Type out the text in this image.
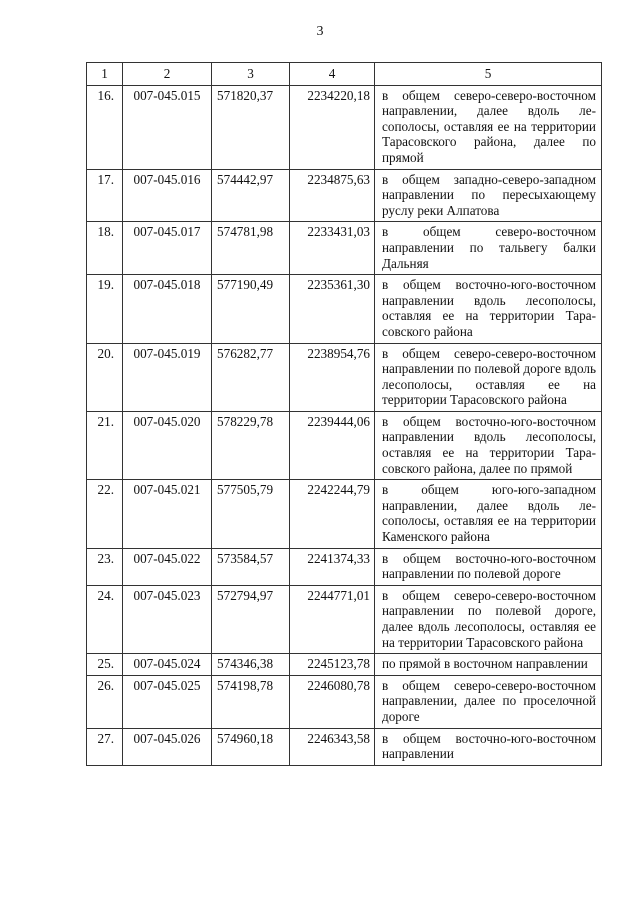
3
1	2	3	4	5
16.	007-045.015	571820,37	2234220,18	в общем северо-северо-восточном направлении, далее вдоль лесополосы, оставляя ее на территории Тарасовского района, далее по прямой
17.	007-045.016	574442,97	2234875,63	в общем западно-северо-западном направлении по пересыхающему руслу реки Алпатова
18.	007-045.017	574781,98	2233431,03	в общем северо-восточном направлении по тальвегу балки Дальняя
19.	007-045.018	577190,49	2235361,30	в общем восточно-юго-восточном направлении вдоль лесополосы, оставляя ее на территории Тарасовского района
20.	007-045.019	576282,77	2238954,76	в общем северо-северо-восточном направлении по полевой дороге вдоль лесополосы, оставляя ее на территории Тарасовского района
21.	007-045.020	578229,78	2239444,06	в общем восточно-юго-восточном направлении вдоль лесополосы, оставляя ее на территории Тарасовского района, далее по прямой
22.	007-045.021	577505,79	2242244,79	в общем юго-юго-западном направлении, далее вдоль лесополосы, оставляя ее на территории Каменского района
23.	007-045.022	573584,57	2241374,33	в общем восточно-юго-восточном направлении по полевой дороге
24.	007-045.023	572794,97	2244771,01	в общем северо-северо-восточном направлении по полевой дороге, далее вдоль лесополосы, оставляя ее на территории Тарасовского района
25.	007-045.024	574346,38	2245123,78	по прямой в восточном направлении
26.	007-045.025	574198,78	2246080,78	в общем северо-северо-восточном направлении, далее по проселочной дороге
27.	007-045.026	574960,18	2246343,58	в общем восточно-юго-восточном направлении
